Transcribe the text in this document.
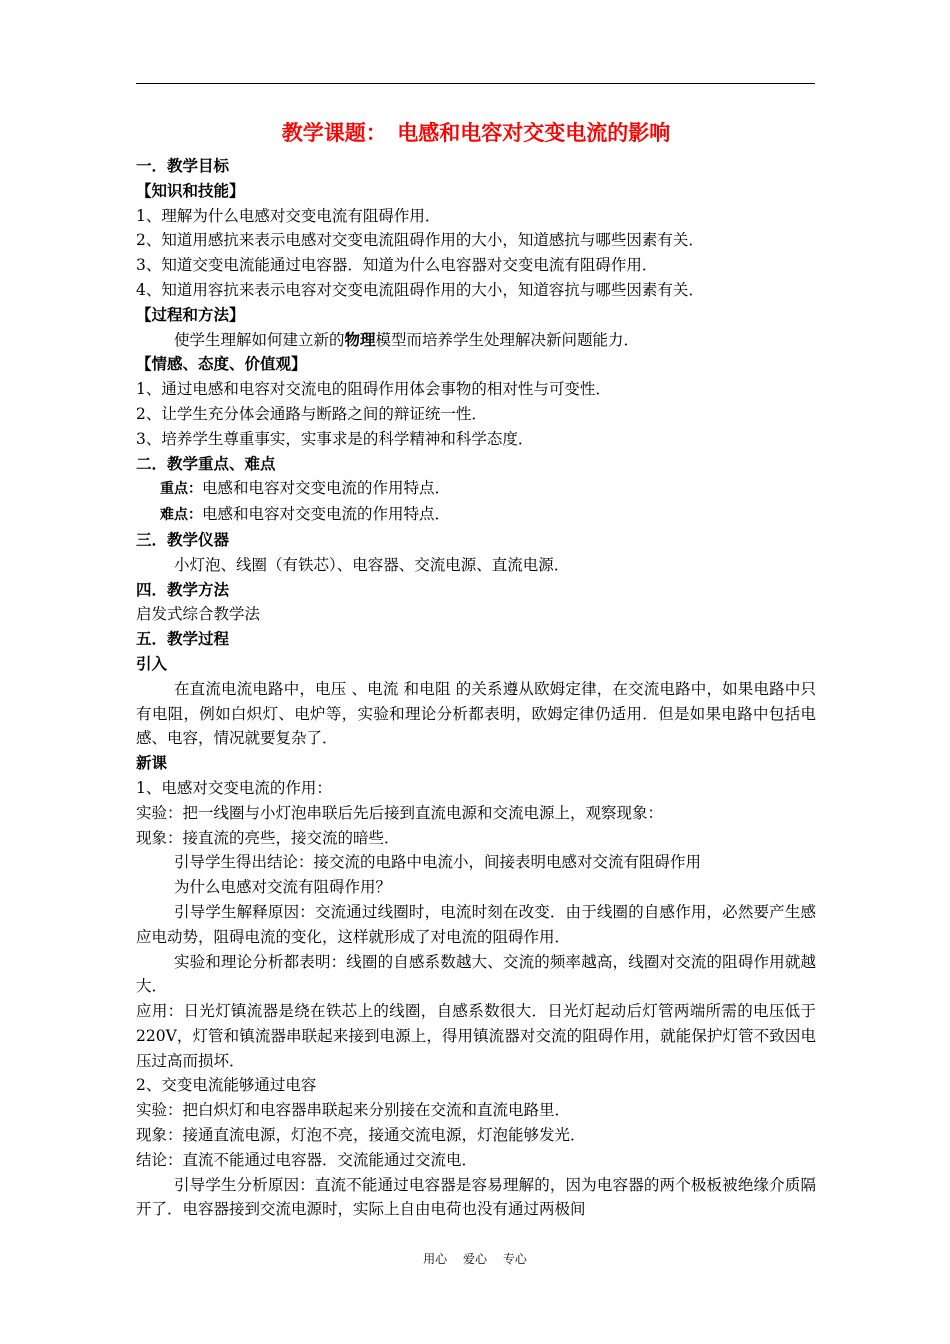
教学课题：　电感和电容对交变电流的影响
一．教学目标
【知识和技能】
1、理解为什么电感对交变电流有阻碍作用．
2、知道用感抗来表示电感对交变电流阻碍作用的大小，知道感抗与哪些因素有关．
3、知道交变电流能通过电容器．知道为什么电容器对交变电流有阻碍作用．
4、知道用容抗来表示电容对交变电流阻碍作用的大小，知道容抗与哪些因素有关．
【过程和方法】
使学生理解如何建立新的物理模型而培养学生处理解决新问题能力．
【情感、态度、价值观】
1、通过电感和电容对交流电的阻碍作用体会事物的相对性与可变性．
2、让学生充分体会通路与断路之间的辩证统一性．
3、培养学生尊重事实，实事求是的科学精神和科学态度．
二．教学重点、难点
重点：电感和电容对交变电流的作用特点．
难点：电感和电容对交变电流的作用特点．
三．教学仪器
小灯泡、线圈（有铁芯）、电容器、交流电源、直流电源．
四．教学方法
启发式综合教学法
五．教学过程
引入
在直流电流电路中，电压 、电流 和电阻 的关系遵从欧姆定律，在交流电路中，如果电路中只有电阻，例如白炽灯、电炉等，实验和理论分析都表明，欧姆定律仍适用．但是如果电路中包括电感、电容，情况就要复杂了．
新课
1、电感对交变电流的作用：
实验：把一线圈与小灯泡串联后先后接到直流电源和交流电源上，观察现象：
现象：接直流的亮些，接交流的暗些．
引导学生得出结论：接交流的电路中电流小，间接表明电感对交流有阻碍作用
为什么电感对交流有阻碍作用？
引导学生解释原因：交流通过线圈时，电流时刻在改变．由于线圈的自感作用，必然要产生感应电动势，阻碍电流的变化，这样就形成了对电流的阻碍作用．
实验和理论分析都表明：线圈的自感系数越大、交流的频率越高，线圈对交流的阻碍作用就越大．
应用：日光灯镇流器是绕在铁芯上的线圈，自感系数很大．日光灯起动后灯管两端所需的电压低于220V，灯管和镇流器串联起来接到电源上，得用镇流器对交流的阻碍作用，就能保护灯管不致因电压过高而损坏．
2、交变电流能够通过电容
实验：把白炽灯和电容器串联起来分别接在交流和直流电路里．
现象：接通直流电源，灯泡不亮，接通交流电源，灯泡能够发光．
结论：直流不能通过电容器．交流能通过交流电．
引导学生分析原因：直流不能通过电容器是容易理解的，因为电容器的两个极板被绝缘介质隔开了．电容器接到交流电源时，实际上自由电荷也没有通过两极间
用心 爱心 专心
